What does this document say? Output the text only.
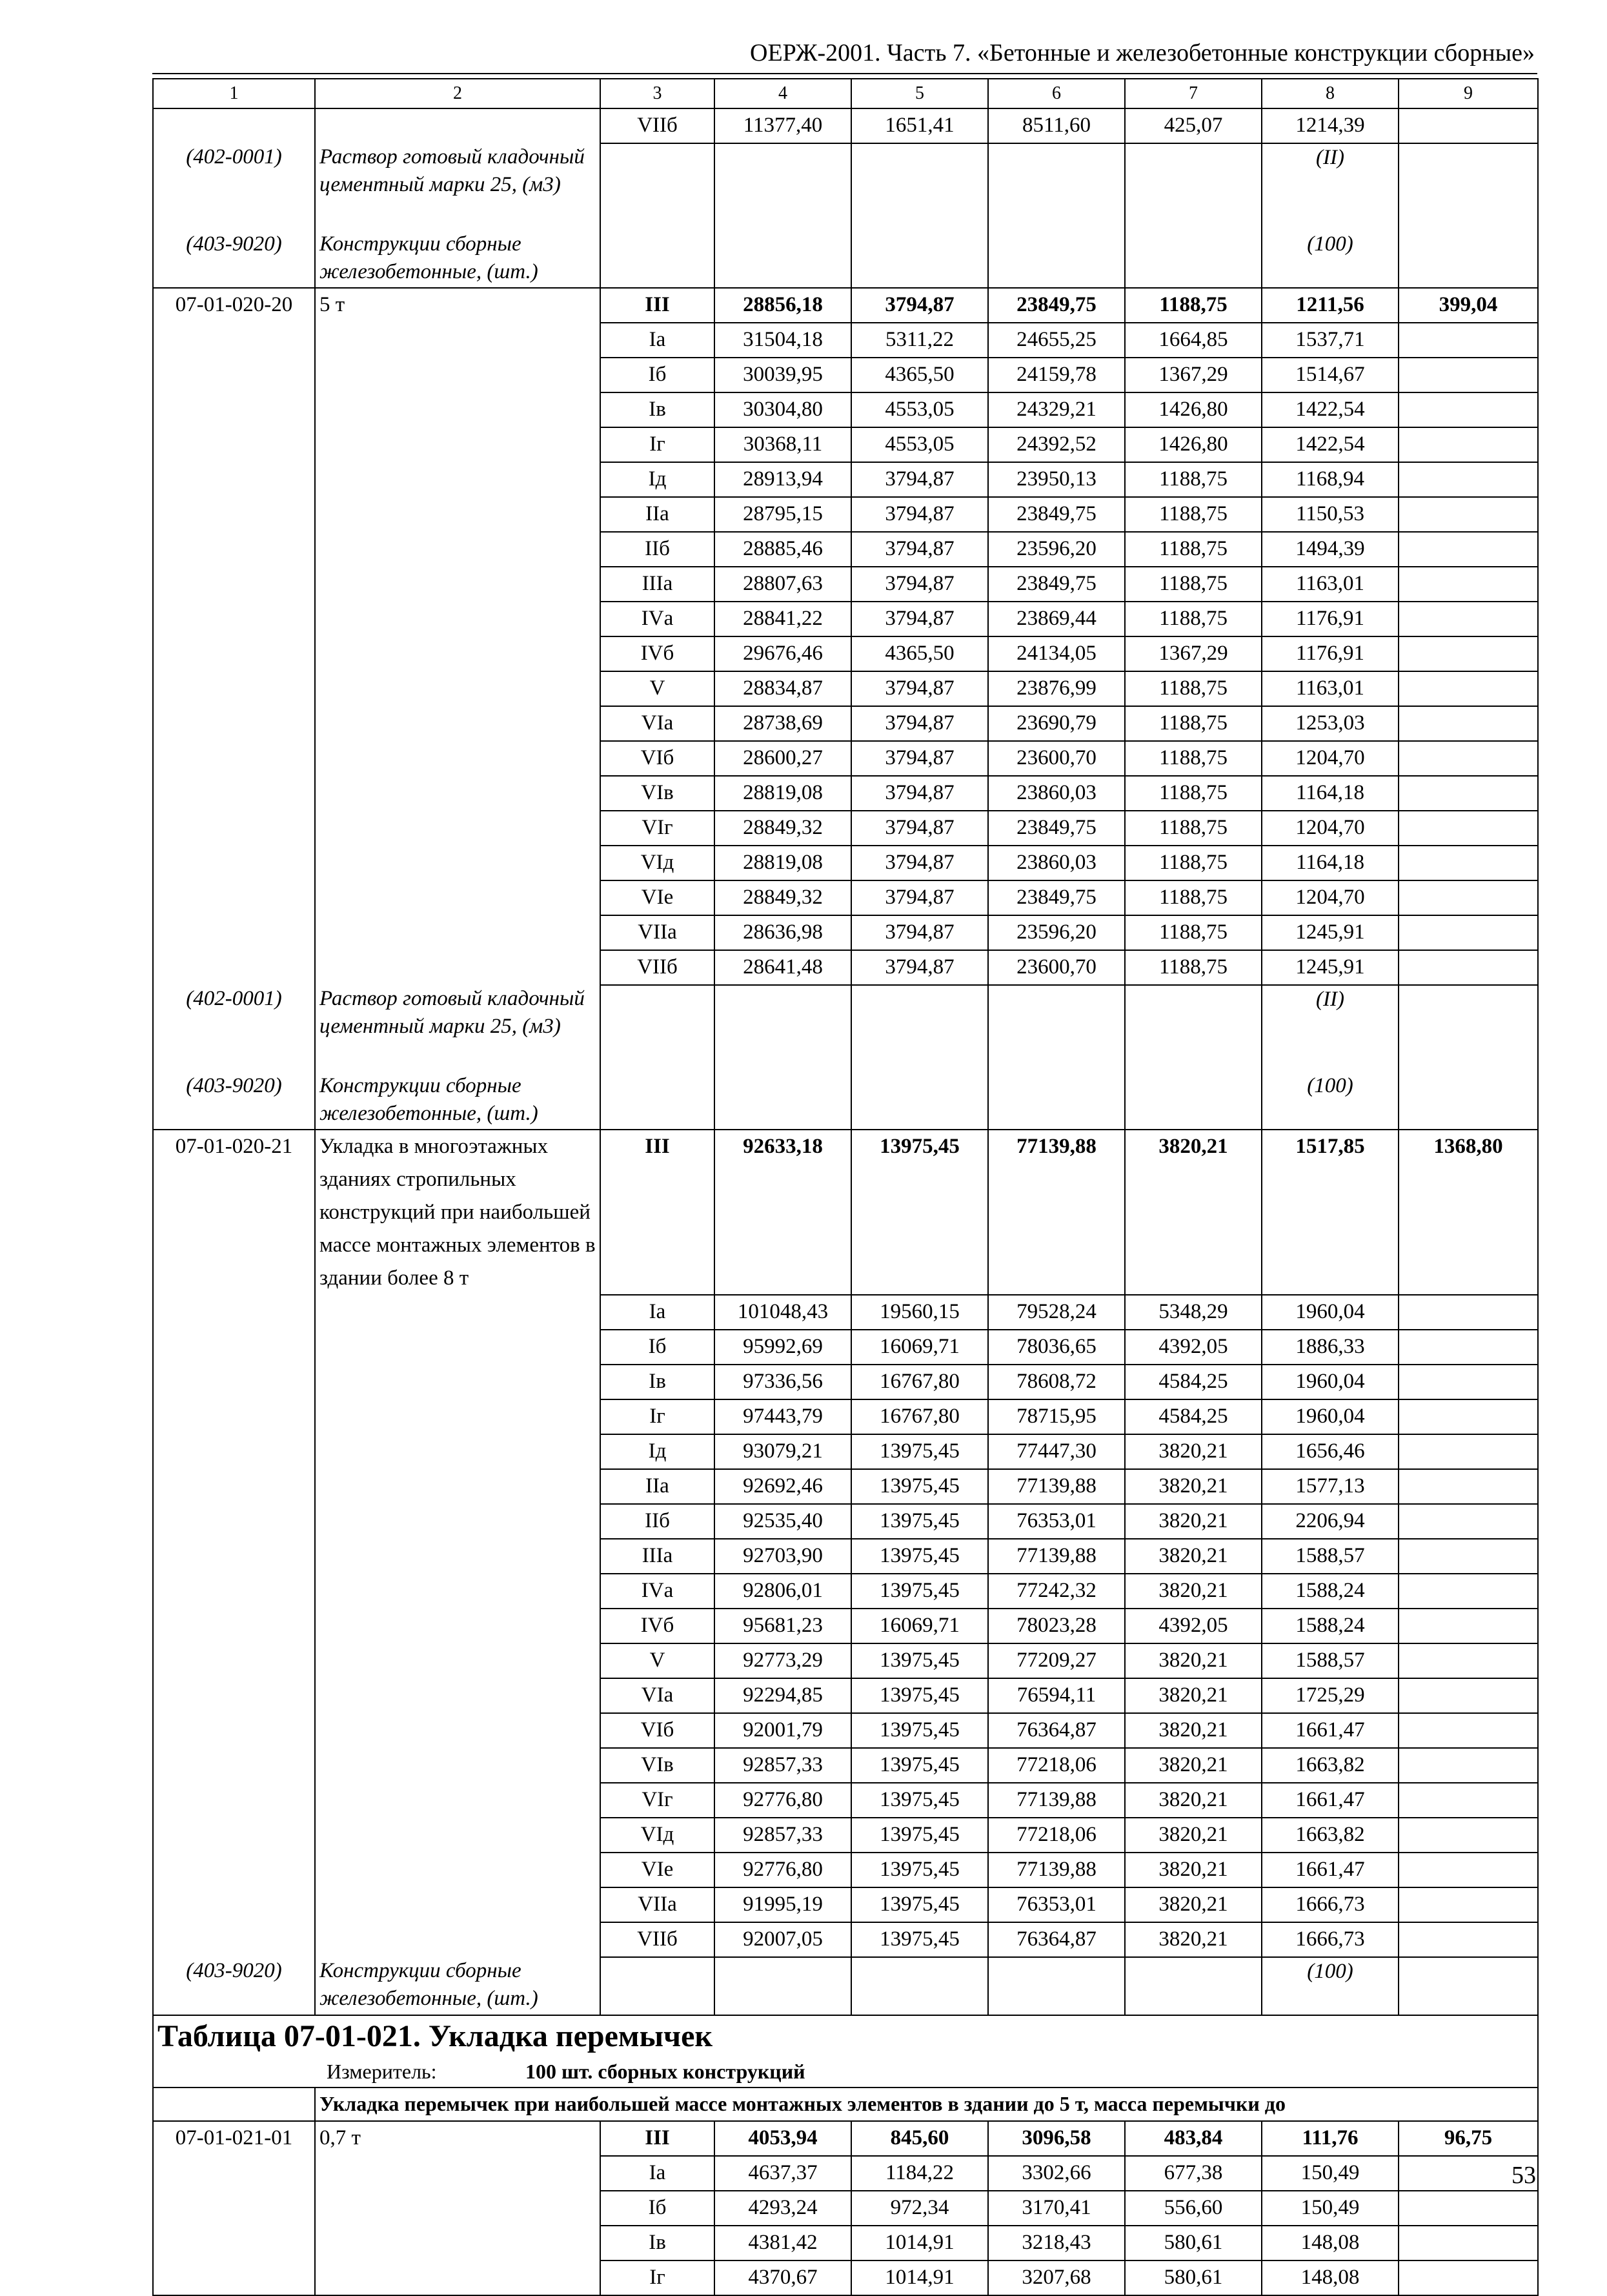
ОЕРЖ-2001. Часть 7. «Бетонные и железобетонные конструкции сборные»
1	2	3	4	5	6	7	8	9
		VIIб	11377,40	1651,41	8511,60	425,07	1214,39	
(402-0001)	Раствор готовый кладочный цементный марки 25, (м3)						(II)	
(403-9020)	Конструкции сборные железобетонные, (шт.)						(100)	
07-01-020-20	5 т	III	28856,18	3794,87	23849,75	1188,75	1211,56	399,04
		Iа	31504,18	5311,22	24655,25	1664,85	1537,71	
		Iб	30039,95	4365,50	24159,78	1367,29	1514,67	
		Iв	30304,80	4553,05	24329,21	1426,80	1422,54	
		Iг	30368,11	4553,05	24392,52	1426,80	1422,54	
		Iд	28913,94	3794,87	23950,13	1188,75	1168,94	
		IIа	28795,15	3794,87	23849,75	1188,75	1150,53	
		IIб	28885,46	3794,87	23596,20	1188,75	1494,39	
		IIIа	28807,63	3794,87	23849,75	1188,75	1163,01	
		IVа	28841,22	3794,87	23869,44	1188,75	1176,91	
		IVб	29676,46	4365,50	24134,05	1367,29	1176,91	
		V	28834,87	3794,87	23876,99	1188,75	1163,01	
		VIа	28738,69	3794,87	23690,79	1188,75	1253,03	
		VIб	28600,27	3794,87	23600,70	1188,75	1204,70	
		VIв	28819,08	3794,87	23860,03	1188,75	1164,18	
		VIг	28849,32	3794,87	23849,75	1188,75	1204,70	
		VIд	28819,08	3794,87	23860,03	1188,75	1164,18	
		VIе	28849,32	3794,87	23849,75	1188,75	1204,70	
		VIIа	28636,98	3794,87	23596,20	1188,75	1245,91	
		VIIб	28641,48	3794,87	23600,70	1188,75	1245,91	
(402-0001)	Раствор готовый кладочный цементный марки 25, (м3)						(II)	
(403-9020)	Конструкции сборные железобетонные, (шт.)						(100)	
07-01-020-21	Укладка в многоэтажных зданиях стропильных конструкций при наибольшей массе монтажных элементов в здании более 8 т	III	92633,18	13975,45	77139,88	3820,21	1517,85	1368,80
		Iа	101048,43	19560,15	79528,24	5348,29	1960,04	
		Iб	95992,69	16069,71	78036,65	4392,05	1886,33	
		Iв	97336,56	16767,80	78608,72	4584,25	1960,04	
		Iг	97443,79	16767,80	78715,95	4584,25	1960,04	
		Iд	93079,21	13975,45	77447,30	3820,21	1656,46	
		IIа	92692,46	13975,45	77139,88	3820,21	1577,13	
		IIб	92535,40	13975,45	76353,01	3820,21	2206,94	
		IIIа	92703,90	13975,45	77139,88	3820,21	1588,57	
		IVа	92806,01	13975,45	77242,32	3820,21	1588,24	
		IVб	95681,23	16069,71	78023,28	4392,05	1588,24	
		V	92773,29	13975,45	77209,27	3820,21	1588,57	
		VIа	92294,85	13975,45	76594,11	3820,21	1725,29	
		VIб	92001,79	13975,45	76364,87	3820,21	1661,47	
		VIв	92857,33	13975,45	77218,06	3820,21	1663,82	
		VIг	92776,80	13975,45	77139,88	3820,21	1661,47	
		VIд	92857,33	13975,45	77218,06	3820,21	1663,82	
		VIе	92776,80	13975,45	77139,88	3820,21	1661,47	
		VIIа	91995,19	13975,45	76353,01	3820,21	1666,73	
		VIIб	92007,05	13975,45	76364,87	3820,21	1666,73	
(403-9020)	Конструкции сборные железобетонные, (шт.)						(100)	
Таблица 07-01-021. Укладка перемычек								
Измеритель: 100 шт. сборных конструкций								
	Укладка перемычек при наибольшей массе монтажных элементов в здании до 5 т, масса перемычки до							
07-01-021-01	0,7 т	III	4053,94	845,60	3096,58	483,84	111,76	96,75
		Iа	4637,37	1184,22	3302,66	677,38	150,49	
		Iб	4293,24	972,34	3170,41	556,60	150,49	
		Iв	4381,42	1014,91	3218,43	580,61	148,08	
		Iг	4370,67	1014,91	3207,68	580,61	148,08	
53
